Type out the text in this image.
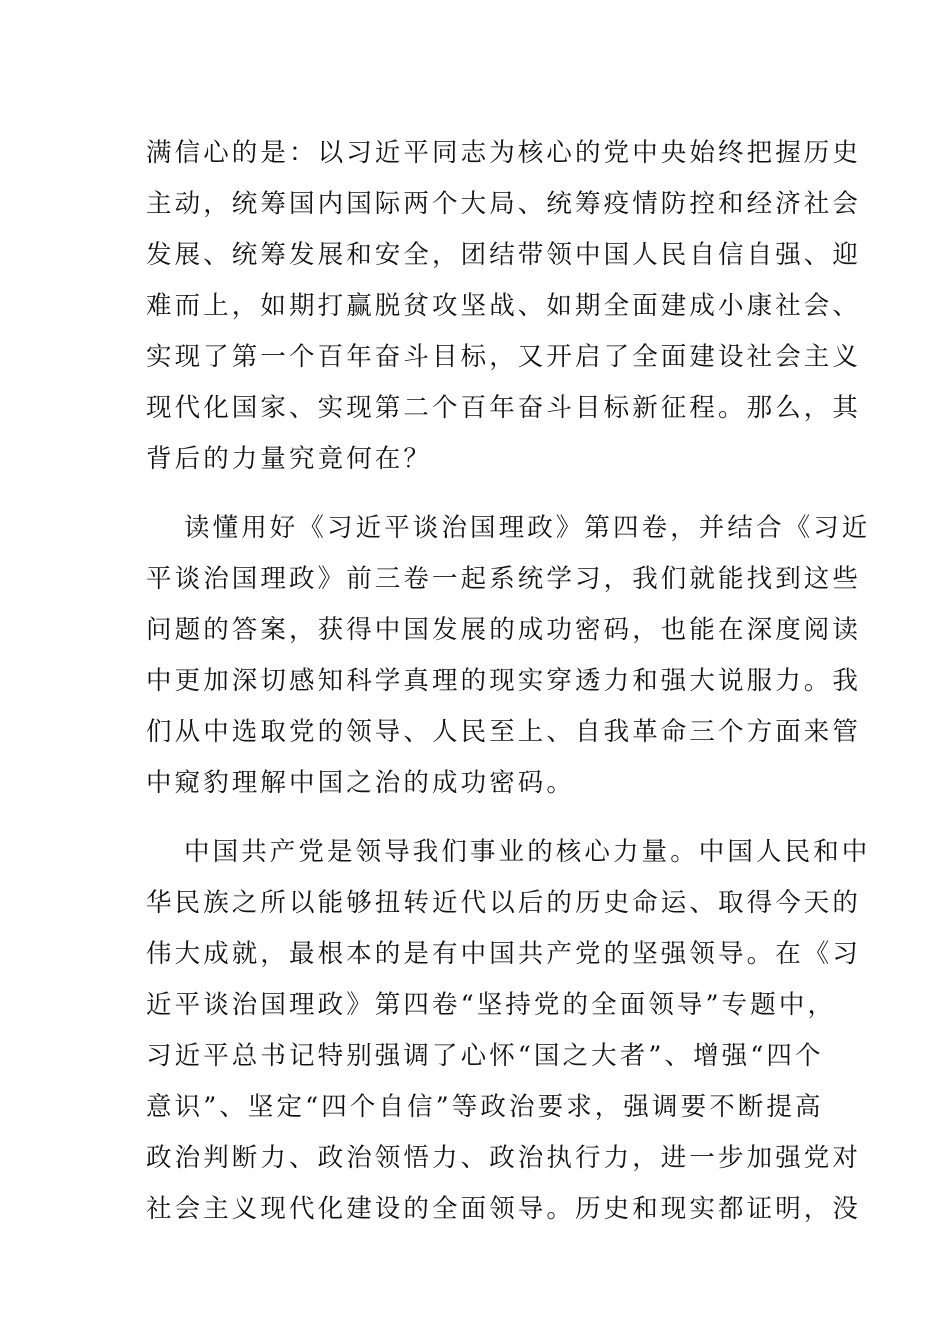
满信心的是：以习近平同志为核心的党中央始终把握历史
主动，统筹国内国际两个大局、统筹疫情防控和经济社会
发展、统筹发展和安全，团结带领中国人民自信自强、迎
难而上，如期打赢脱贫攻坚战、如期全面建成小康社会、
实现了第一个百年奋斗目标，又开启了全面建设社会主义
现代化国家、实现第二个百年奋斗目标新征程。那么，其
背后的力量究竟何在？

读懂用好《习近平谈治国理政》第四卷，并结合《习近
平谈治国理政》前三卷一起系统学习，我们就能找到这些
问题的答案，获得中国发展的成功密码，也能在深度阅读
中更加深切感知科学真理的现实穿透力和强大说服力。我
们从中选取党的领导、人民至上、自我革命三个方面来管
中窥豹理解中国之治的成功密码。

中国共产党是领导我们事业的核心力量。中国人民和中
华民族之所以能够扭转近代以后的历史命运、取得今天的
伟大成就，最根本的是有中国共产党的坚强领导。在《习
近平谈治国理政》第四卷“坚持党的全面领导”专题中，
习近平总书记特别强调了心怀“国之大者”、增强“四个
意识”、坚定“四个自信”等政治要求，强调要不断提高
政治判断力、政治领悟力、政治执行力，进一步加强党对
社会主义现代化建设的全面领导。历史和现实都证明，没
